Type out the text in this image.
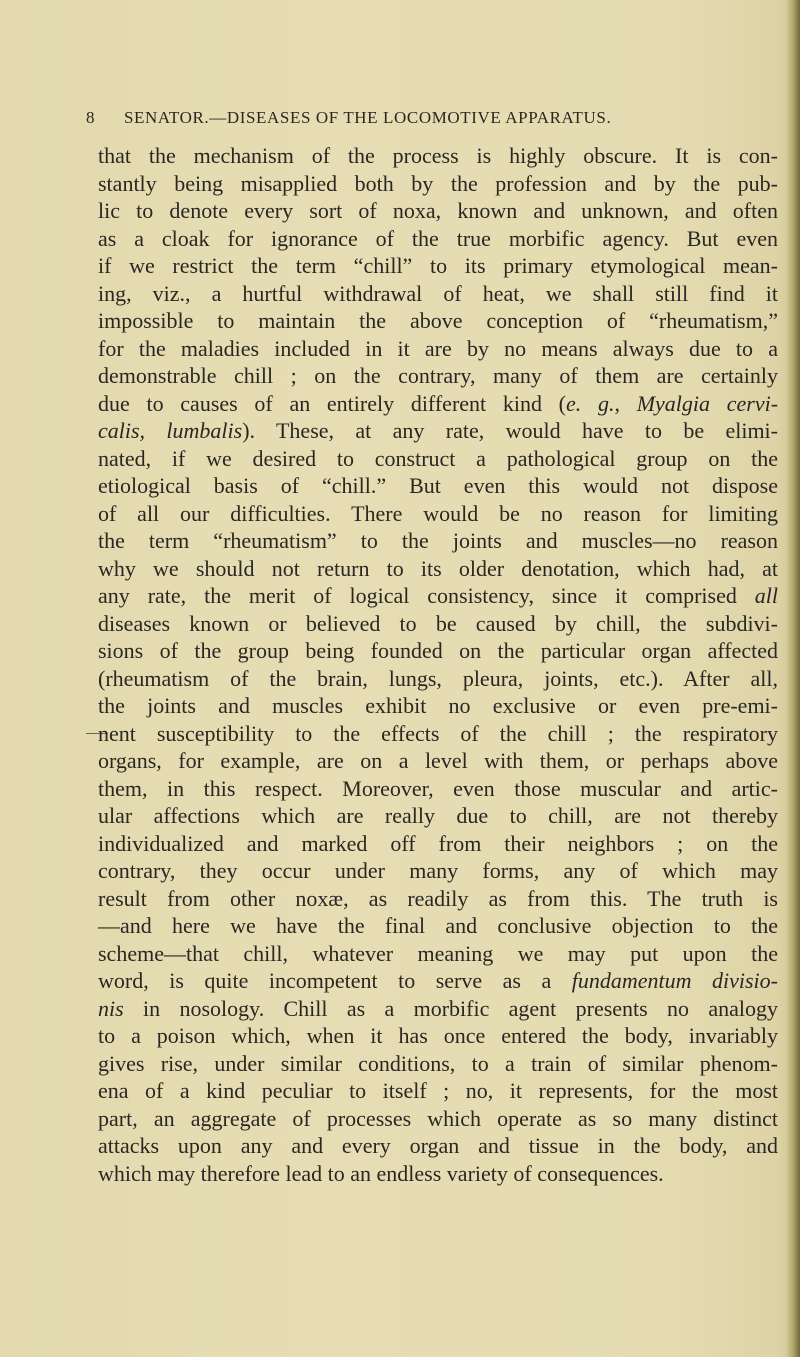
8 SENATOR.—DISEASES OF THE LOCOMOTIVE APPARATUS.
that the mechanism of the process is highly obscure. It is con-
stantly being misapplied both by the profession and by the pub-
lic to denote every sort of noxa, known and unknown, and often
as a cloak for ignorance of the true morbific agency. But even
if we restrict the term “chill” to its primary etymological mean-
ing, viz., a hurtful withdrawal of heat, we shall still find it
impossible to maintain the above conception of “rheumatism,”
for the maladies included in it are by no means always due to a
demonstrable chill ; on the contrary, many of them are certainly
due to causes of an entirely different kind (e. g., Myalgia cervi-
calis, lumbalis). These, at any rate, would have to be elimi-
nated, if we desired to construct a pathological group on the
etiological basis of “chill.” But even this would not dispose
of all our difficulties. There would be no reason for limiting
the term “rheumatism” to the joints and muscles—no reason
why we should not return to its older denotation, which had, at
any rate, the merit of logical consistency, since it comprised all
diseases known or believed to be caused by chill, the subdivi-
sions of the group being founded on the particular organ affected
(rheumatism of the brain, lungs, pleura, joints, etc.). After all,
the joints and muscles exhibit no exclusive or even pre-emi-
nent susceptibility to the effects of the chill ; the respiratory
organs, for example, are on a level with them, or perhaps above
them, in this respect. Moreover, even those muscular and artic-
ular affections which are really due to chill, are not thereby
individualized and marked off from their neighbors ; on the
contrary, they occur under many forms, any of which may
result from other noxæ, as readily as from this. The truth is
—and here we have the final and conclusive objection to the
scheme—that chill, whatever meaning we may put upon the
word, is quite incompetent to serve as a fundamentum divisio-
nis in nosology. Chill as a morbific agent presents no analogy
to a poison which, when it has once entered the body, invariably
gives rise, under similar conditions, to a train of similar phenom-
ena of a kind peculiar to itself ; no, it represents, for the most
part, an aggregate of processes which operate as so many distinct
attacks upon any and every organ and tissue in the body, and
which may therefore lead to an endless variety of consequences.
